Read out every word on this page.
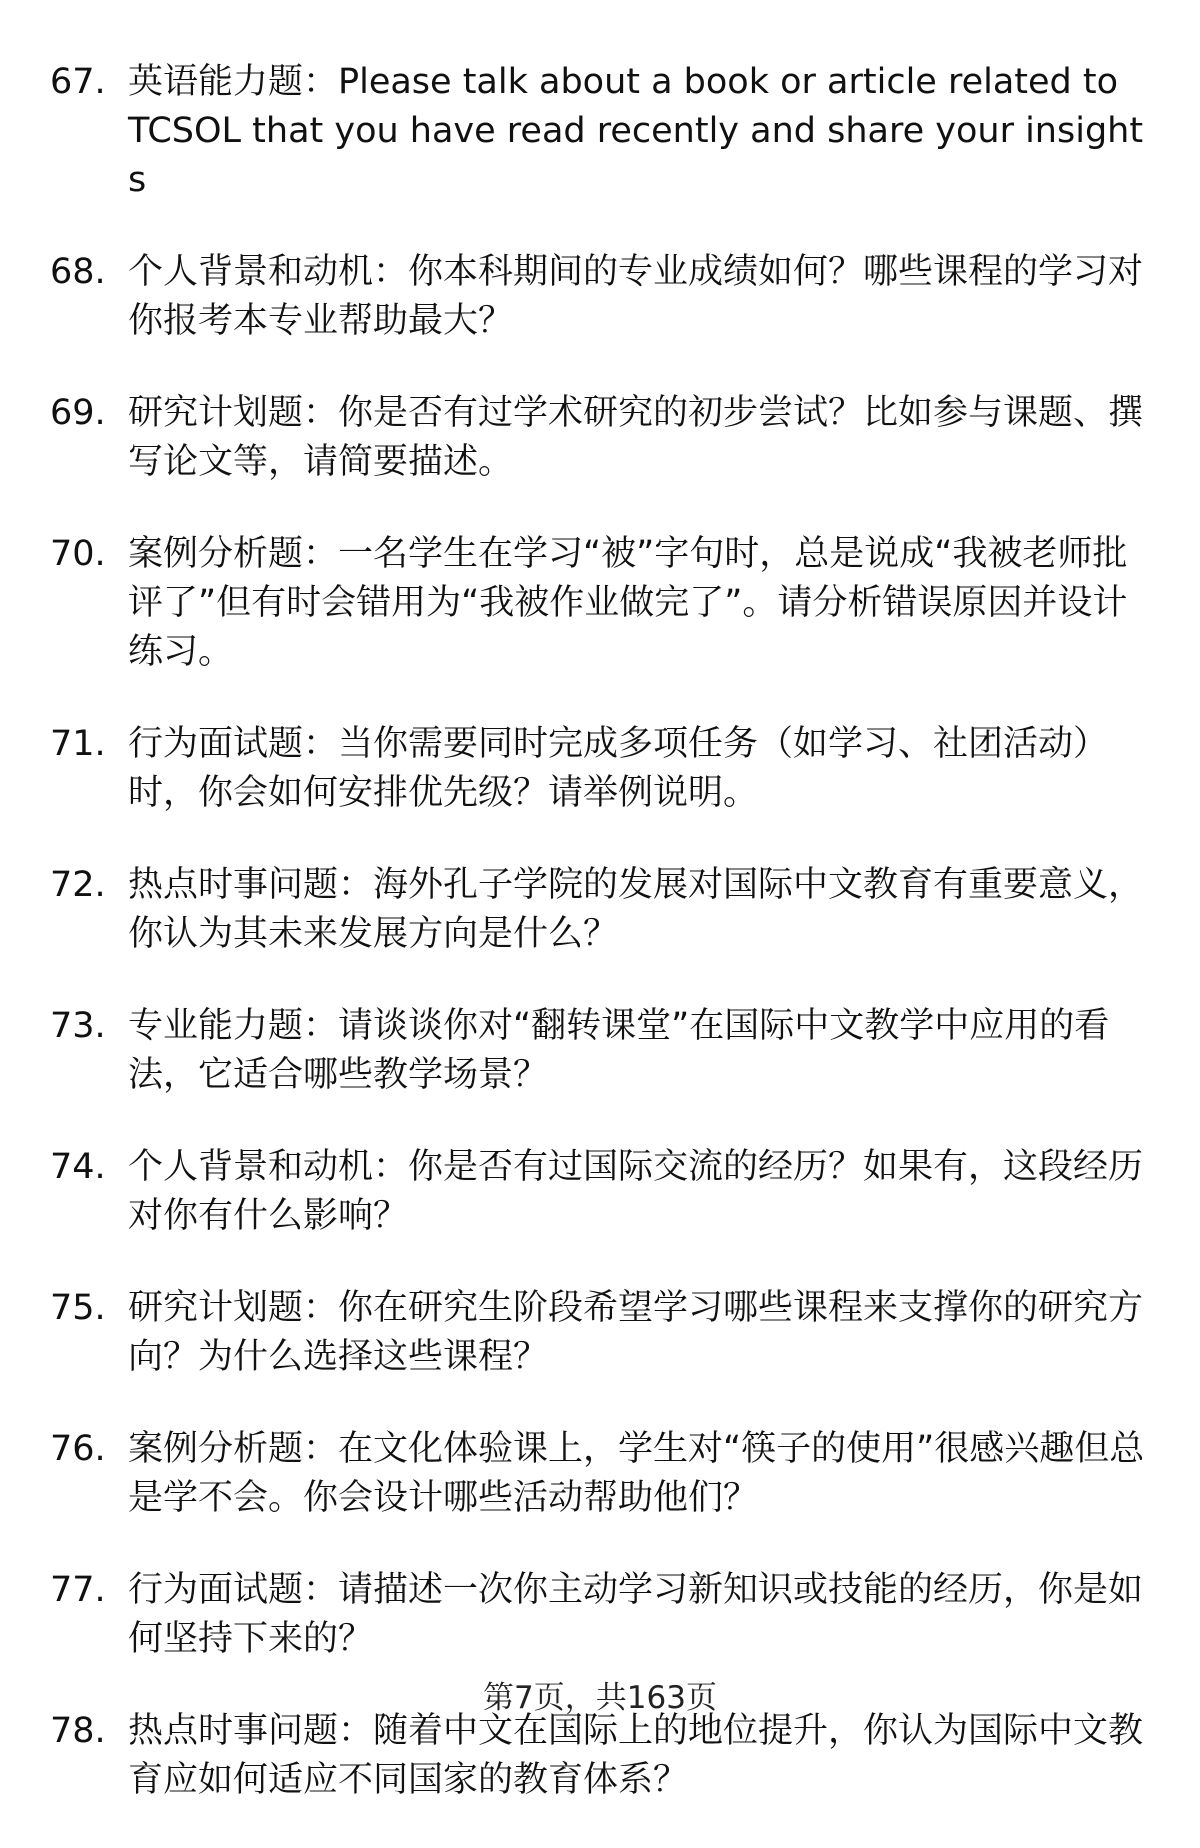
67. 英语能力题：Please talk about a book or article related to TCSOL that you have read recently and share your insights
68. 个人背景和动机：你本科期间的专业成绩如何？哪些课程的学习对你报考本专业帮助最大？
69. 研究计划题：你是否有过学术研究的初步尝试？比如参与课题、撰写论文等，请简要描述。
70. 案例分析题：一名学生在学习“被”字句时，总是说成“我被老师批评了”但有时会错用为“我被作业做完了”。请分析错误原因并设计练习。
71. 行为面试题：当你需要同时完成多项任务（如学习、社团活动）时，你会如何安排优先级？请举例说明。
72. 热点时事问题：海外孔子学院的发展对国际中文教育有重要意义，你认为其未来发展方向是什么？
73. 专业能力题：请谈谈你对“翻转课堂”在国际中文教学中应用的看法，它适合哪些教学场景？
74. 个人背景和动机：你是否有过国际交流的经历？如果有，这段经历对你有什么影响？
75. 研究计划题：你在研究生阶段希望学习哪些课程来支撑你的研究方向？为什么选择这些课程？
76. 案例分析题：在文化体验课上，学生对“筷子的使用”很感兴趣但总是学不会。你会设计哪些活动帮助他们？
77. 行为面试题：请描述一次你主动学习新知识或技能的经历，你是如何坚持下来的？
78. 热点时事问题：随着中文在国际上的地位提升，你认为国际中文教育应如何适应不同国家的教育体系？
第7页，共163页
